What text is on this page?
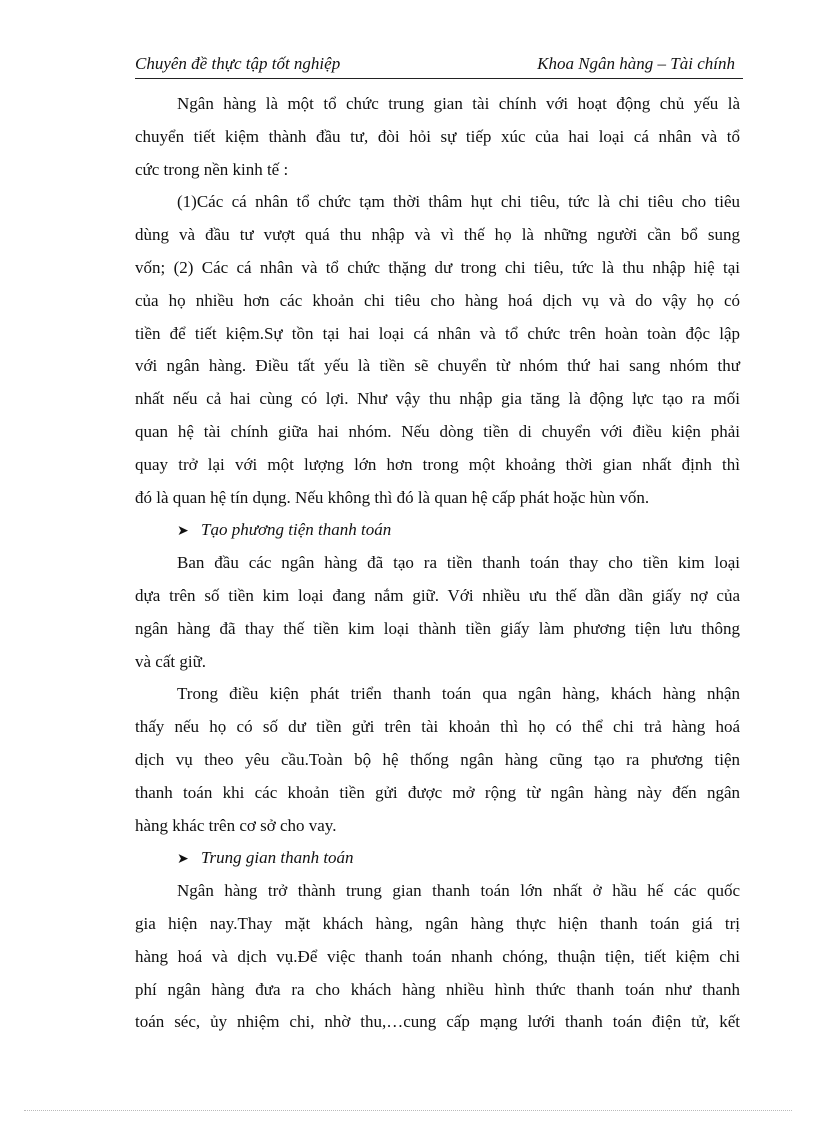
Chuyên đề thực tập tốt nghiệp	Khoa Ngân hàng – Tài chính
Ngân hàng là một tổ chức trung gian tài chính với hoạt động chủ yếu là
chuyển tiết kiệm thành đầu tư, đòi hỏi sự tiếp xúc của hai loại cá nhân và tổ
cức trong nền kinh tế :
(1)Các cá nhân tổ chức tạm thời thâm hụt chi tiêu, tức là chi tiêu cho tiêu
dùng và đầu tư vượt quá thu nhập và vì thế họ là những người cần bổ sung
vốn; (2) Các cá nhân và tổ chức thặng dư trong chi tiêu, tức là thu nhập hiệ tại
của họ nhiều hơn các khoản chi tiêu cho hàng hoá dịch vụ và do vậy họ có
tiền để tiết kiệm.Sự tồn tại hai loại cá nhân và tổ chức trên hoàn toàn độc lập
với ngân hàng. Điều tất yếu là tiền sẽ chuyển từ nhóm thứ hai sang nhóm thư
nhất nếu cả hai cùng có lợi. Như vậy thu nhập gia tăng là động lực tạo ra mối
quan hệ tài chính giữa hai nhóm. Nếu dòng tiền di chuyển với điều kiện phải
quay trở lại với một lượng lớn hơn trong một khoảng thời gian nhất định thì
đó là quan hệ tín dụng. Nếu không thì đó là quan hệ cấp phát hoặc hùn vốn.
➤ Tạo phương tiện thanh toán
Ban đầu các ngân hàng đã tạo ra tiền thanh toán thay cho tiền kim loại
dựa trên số tiền kim loại đang nắm giữ. Với nhiều ưu thế dần dần giấy nợ của
ngân hàng đã thay thế tiền kim loại thành tiền giấy làm phương tiện lưu thông
và cất giữ.
Trong điều kiện phát triển thanh toán qua ngân hàng, khách hàng nhận
thấy nếu họ có số dư tiền gửi trên tài khoản thì họ có thể chi trả hàng hoá
dịch vụ theo yêu cầu.Toàn bộ hệ thống ngân hàng cũng tạo ra phương tiện
thanh toán khi các khoản tiền gửi được mở rộng từ ngân hàng này đến ngân
hàng khác trên cơ sở cho vay.
➤ Trung gian thanh toán
Ngân hàng trở thành trung gian thanh toán lớn nhất ở hầu hế các quốc
gia hiện nay.Thay mặt khách hàng, ngân hàng thực hiện thanh toán giá trị
hàng hoá và dịch vụ.Để việc thanh toán nhanh chóng, thuận tiện, tiết kiệm chi
phí ngân hàng đưa ra cho khách hàng nhiều hình thức thanh toán như thanh
toán séc, ủy nhiệm chi, nhờ thu,…cung cấp mạng lưới thanh toán điện tử, kết
